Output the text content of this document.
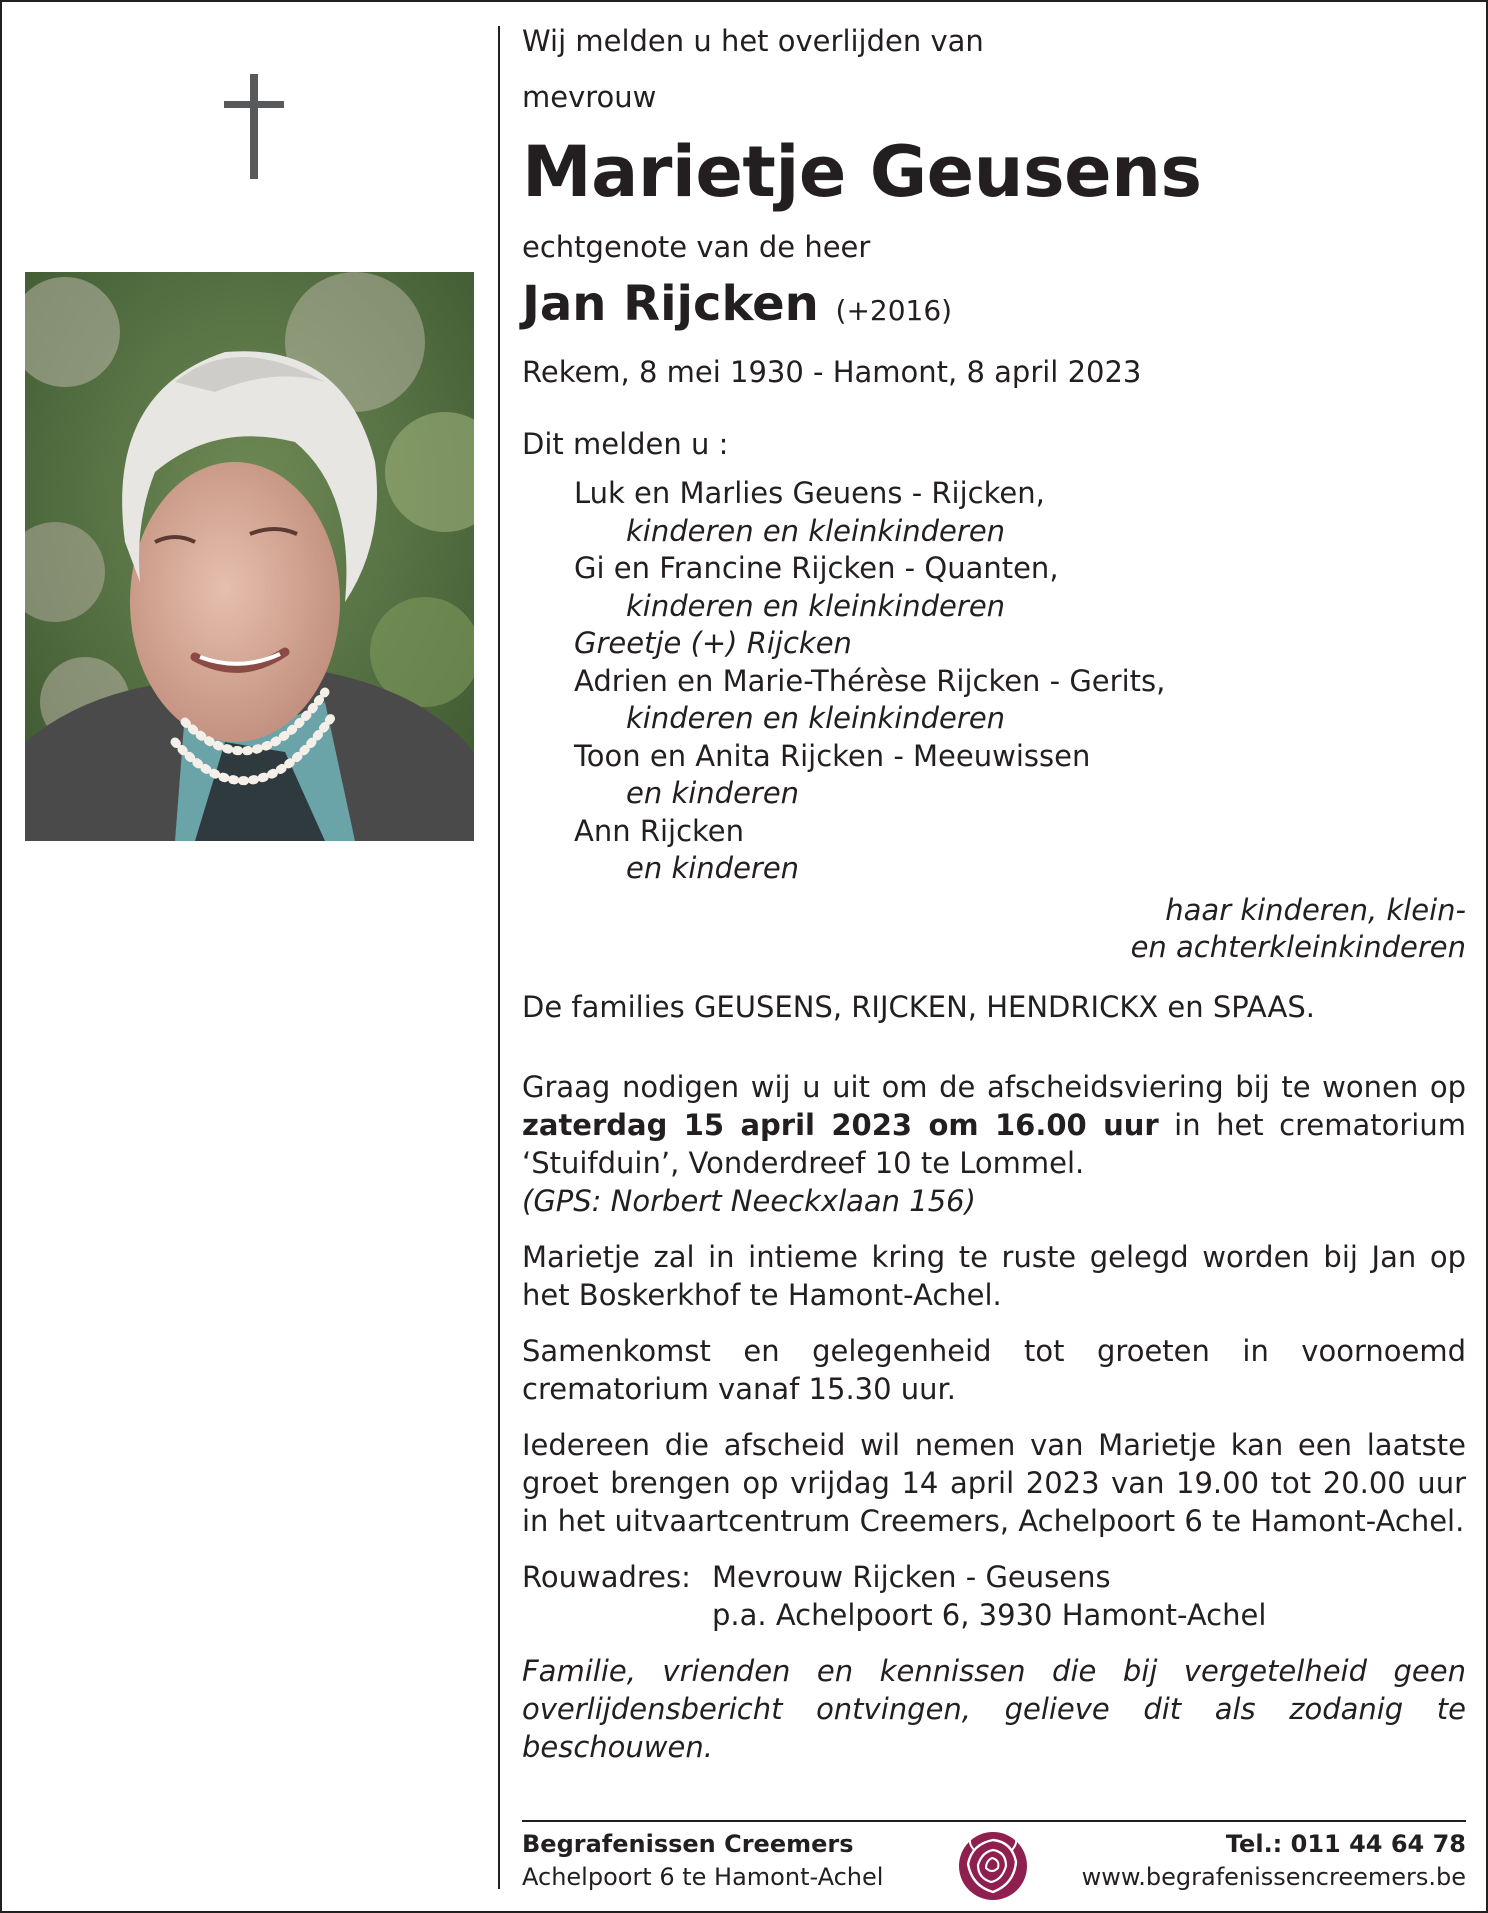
Wij melden u het overlijden van

mevrouw

Marietje Geusens

echtgenote van de heer

Jan Rijcken (+2016)

Rekem, 8 mei 1930 - Hamont, 8 april 2023

Dit melden u :

Luk en Marlies Geuens - Rijcken,
kinderen en kleinkinderen
Gi en Francine Rijcken - Quanten,
kinderen en kleinkinderen
Greetje (+) Rijcken
Adrien en Marie-Thérèse Rijcken - Gerits,
kinderen en kleinkinderen
Toon en Anita Rijcken - Meeuwissen
en kinderen
Ann Rijcken
en kinderen

haar kinderen, klein-

en achterkleinkinderen

De families GEUSENS, RIJCKEN, HENDRICKX en SPAAS.

Graag nodigen wij u uit om de afscheidsviering bij te wonen op zaterdag 15 april 2023 om 16.00 uur in het crematorium ‘Stuifduin’, Vonderdreef 10 te Lommel.

(GPS: Norbert Neeckxlaan 156)

Marietje zal in intieme kring te ruste gelegd worden bij Jan op het Boskerkhof te Hamont-Achel.

Samenkomst en gelegenheid tot groeten in voornoemd crematorium vanaf 15.30 uur.

Iedereen die afscheid wil nemen van Marietje kan een laatste groet brengen op vrijdag 14 april 2023 van 19.00 tot 20.00 uur in het uitvaartcentrum Creemers, Achelpoort 6 te Hamont-Achel.

Rouwadres: Mevrouw Rijcken - Geusens
p.a. Achelpoort 6, 3930 Hamont-Achel

Familie, vrienden en kennissen die bij vergetelheid geen overlijdensbericht ontvingen, gelieve dit als zodanig te beschouwen.

Begrafenissen Creemers
Achelpoort 6 te Hamont-Achel
Tel.: 011 44 64 78
www.begrafenissencreemers.be
